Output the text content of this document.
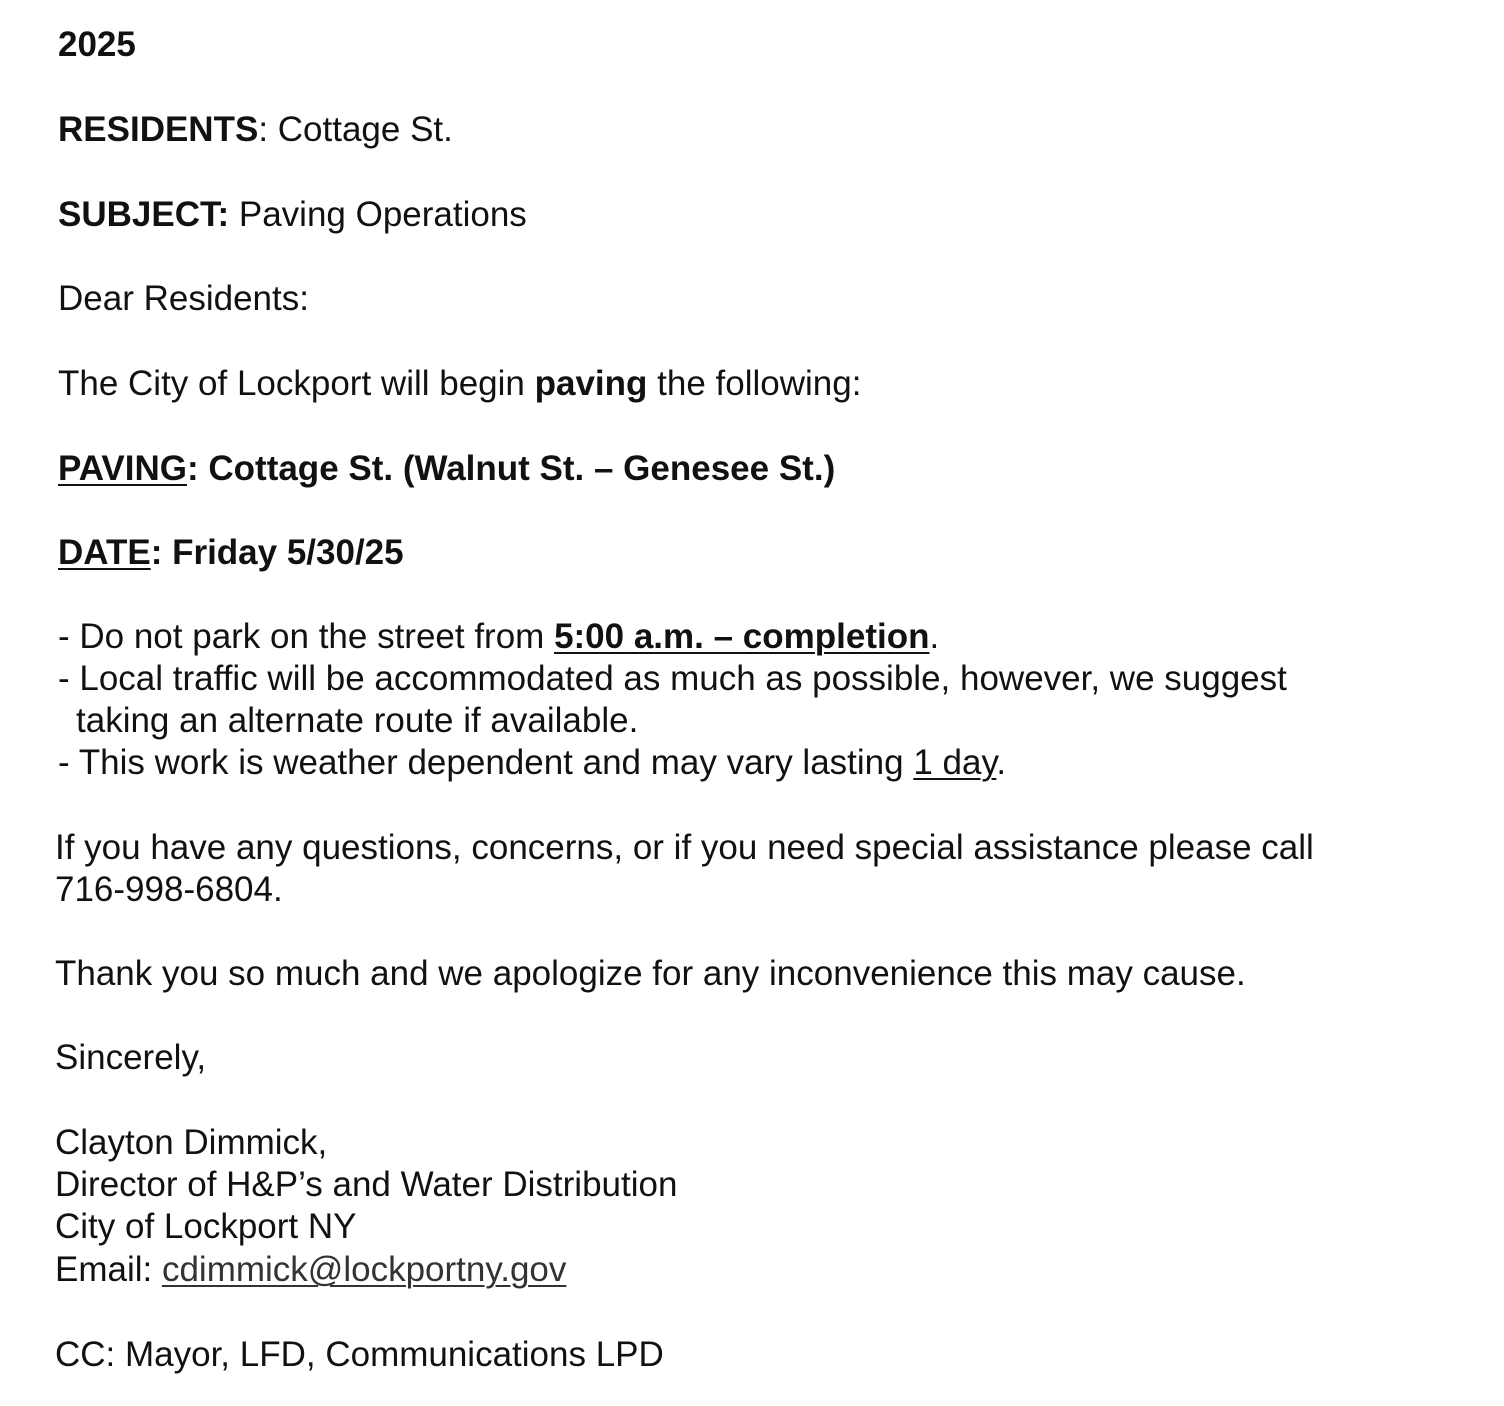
2025
RESIDENTS: Cottage St.
SUBJECT: Paving Operations
Dear Residents:
The City of Lockport will begin paving the following:
PAVING: Cottage St. (Walnut St. – Genesee St.)
DATE: Friday 5/30/25
- Do not park on the street from 5:00 a.m. – completion.
- Local traffic will be accommodated as much as possible, however, we suggest
taking an alternate route if available.
- This work is weather dependent and may vary lasting 1 day.
If you have any questions, concerns, or if you need special assistance please call
716-998-6804.
Thank you so much and we apologize for any inconvenience this may cause.
Sincerely,
Clayton Dimmick,
Director of H&P’s and Water Distribution
City of Lockport NY
Email: cdimmick@lockportny.gov
CC: Mayor, LFD, Communications LPD
